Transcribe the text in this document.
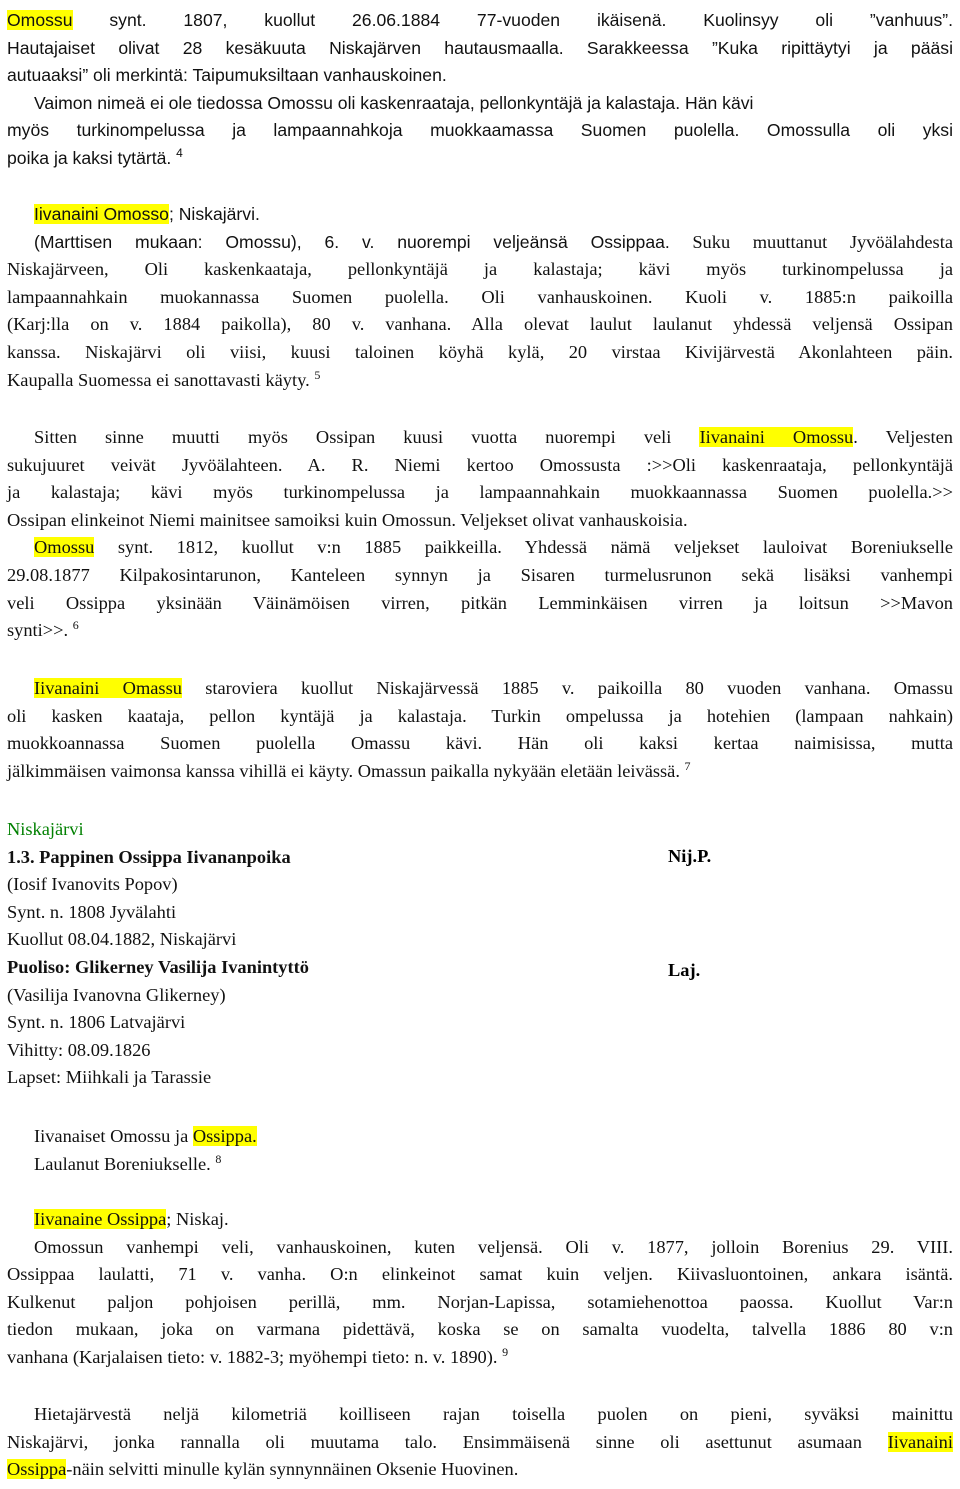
Omossu synt. 1807, kuollut 26.06.1884 77-vuoden ikäisenä. Kuolinsyy oli ”vanhuus”.
Hautajaiset olivat 28 kesäkuuta Niskajärven hautausmaalla. Sarakkeessa ”Kuka ripittäytyi ja pääsi
autuaaksi” oli merkintä: Taipumuksiltaan vanhauskoinen.
Vaimon nimeä ei ole tiedossa Omossu oli kaskenraataja, pellonkyntäjä ja kalastaja. Hän kävi
myös turkinompelussa ja lampaannahkoja muokkaamassa Suomen puolella. Omossulla oli yksi
poika ja kaksi tytärtä. $^4$
Iivanaini Omosso; Niskajärvi.
(Marttisen mukaan: Omossu), 6. v. nuorempi veljeänsä Ossippaa. Suku muuttanut Jyvöälahdesta
Niskajärveen, Oli kaskenkaataja, pellonkyntäjä ja kalastaja; kävi myös turkinompelussa ja
lampaannahkain muokannassa Suomen puolella. Oli vanhauskoinen. Kuoli v. 1885:n paikoilla
(Karj:lla on v. 1884 paikolla), 80 v. vanhana. Alla olevat laulut laulanut yhdessä veljensä Ossipan
kanssa. Niskajärvi oli viisi, kuusi taloinen köyhä kylä, 20 virstaa Kivijärvestä Akonlahteen päin.
Kaupalla Suomessa ei sanottavasti käyty. $^5$
Sitten sinne muutti myös Ossipan kuusi vuotta nuorempi veli Iivanaini Omossu. Veljesten
sukujuuret veivät Jyvöälahteen. A. R. Niemi kertoo Omossusta :>>Oli kaskenraataja, pellonkyntäjä
ja kalastaja; kävi myös turkinompelussa ja lampaannahkain muokkaannassa Suomen puolella.>>
Ossipan elinkeinot Niemi mainitsee samoiksi kuin Omossun. Veljekset olivat vanhauskoisia.
Omossu synt. 1812, kuollut v:n 1885 paikkeilla. Yhdessä nämä veljekset lauloivat Boreniukselle
29.08.1877 Kilpakosintarunon, Kanteleen synnyn ja Sisaren turmelusrunon sekä lisäksi vanhempi
veli Ossippa yksinään Väinämöisen virren, pitkän Lemminkäisen virren ja loitsun >>Mavon
synti>>. $^6$
Iivanaini Omassu staroviera kuollut Niskajärvessä 1885 v. paikoilla 80 vuoden vanhana. Omassu
oli kasken kaataja, pellon kyntäjä ja kalastaja. Turkin ompelussa ja hotehien (lampaan nahkain)
muokkoannassa Suomen puolella Omassu kävi. Hän oli kaksi kertaa naimisissa, mutta
jälkimmäisen vaimonsa kanssa vihillä ei käyty. Omassun paikalla nykyään eletään leivässä. $^7$
Niskajärvi
1.3. Pappinen Ossippa Iivananpoika
(Iosif Ivanovits Popov)
Synt. n. 1808 Jyvälahti
Kuollut 08.04.1882, Niskajärvi
Puoliso: Glikerney Vasilija Ivanintyttö
(Vasilija Ivanovna Glikerney)
Synt. n. 1806 Latvajärvi
Vihitty: 08.09.1826
Lapset: Miihkali ja Tarassie
Nij.P.
Laj.
Iivanaiset Omossu ja Ossippa.
Laulanut Boreniukselle. $^8$
Iivanaine Ossippa; Niskaj.
Omossun vanhempi veli, vanhauskoinen, kuten veljensä. Oli v. 1877, jolloin Borenius 29. VIII.
Ossippaa laulatti, 71 v. vanha. O:n elinkeinot samat kuin veljen. Kiivasluontoinen, ankara isäntä.
Kulkenut paljon pohjoisen perillä, mm. Norjan-Lapissa, sotamiehenottoa paossa. Kuollut Var:n
tiedon mukaan, joka on varmana pidettävä, koska se on samalta vuodelta, talvella 1886 80 v:n
vanhana (Karjalaisen tieto: v. 1882-3; myöhempi tieto: n. v. 1890). $^9$
Hietajärvestä neljä kilometriä koilliseen rajan toisella puolen on pieni, syväksi mainittu
Niskajärvi, jonka rannalla oli muutama talo. Ensimmäisenä sinne oli asettunut asumaan Iivanaini
Ossippa-näin selvitti minulle kylän synnynnäinen Oksenie Huovinen.
